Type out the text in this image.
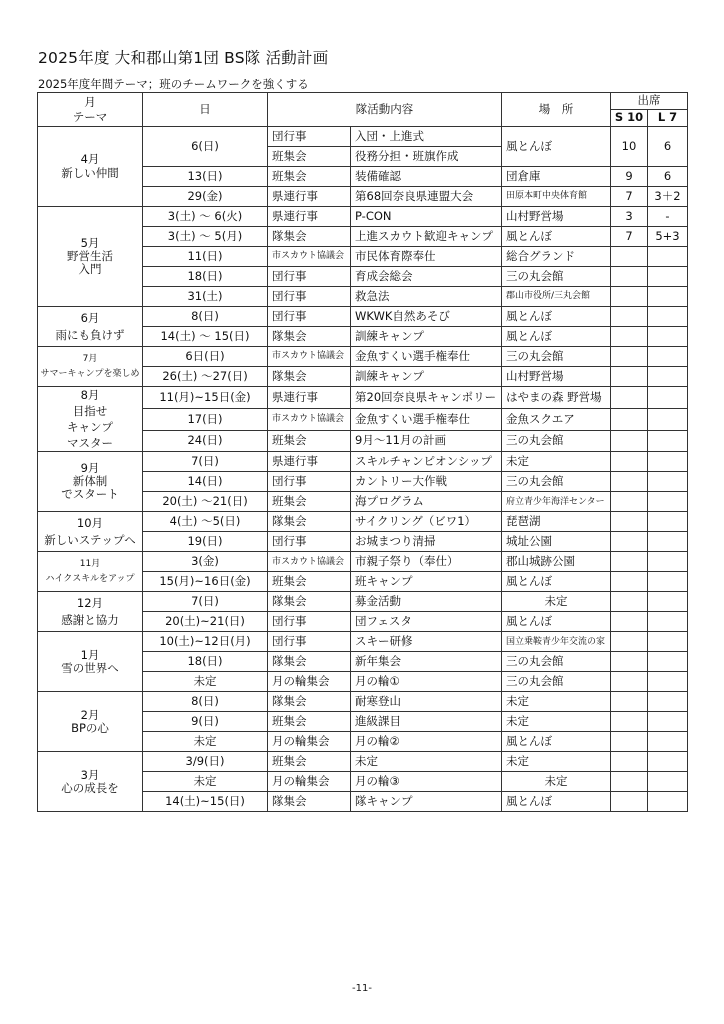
2025年度 大和郡山第1団 BS隊 活動計画
2025年度年間テーマ；班のチームワークを強くする
月
テーマ	日	隊活動内容		場　所	出席	
					S 10	L 7

4月
新しい仲間	6(日)	団行事	入団・上進式	風とんぼ	10	6
		班集会	役務分担・班旗作成			
	13(日)	班集会	装備確認	団倉庫	9	6
	29(金)	県連行事	第68回奈良県連盟大会	田原本町中央体育館	7	3＋2

5月
野営生活
入門	3(土) ～ 6(火)	県連行事	P-CON	山村野営場	3	-
	3(土) ～ 5(月)	隊集会	上進スカウト歓迎キャンプ	風とんぼ	7	5+3
	11(日)	市スカウト協議会	市民体育際奉仕	総合グランド		
	18(日)	団行事	育成会総会	三の丸会館		
	31(土)	団行事	救急法	郡山市役所/三丸会館		

6月
雨にも負けず	8(日)	団行事	WKWK自然あそび	風とんぼ		
	14(土) ～ 15(日)	隊集会	訓練キャンプ	風とんぼ		

7月
サマーキャンプを楽しめ	6日(日)	市スカウト協議会	金魚すくい選手権奉仕	三の丸会館		
	26(土) ～27(日)	隊集会	訓練キャンプ	山村野営場		

8月
目指せ
キャンプ
マスター	11(月)~15日(金)	県連行事	第20回奈良県キャンポリー	はやまの森 野営場		
	17(日)	市スカウト協議会	金魚すくい選手権奉仕	金魚スクエア		
	24(日)	班集会	9月～11月の計画	三の丸会館		

9月
新体制
でスタート	7(日)	県連行事	スキルチャンピオンシップ	未定		
	14(日)	団行事	カントリー大作戦	三の丸会館		
	20(土) ～21(日)	班集会	海プログラム	府立青少年海洋センター		

10月
新しいステップへ	4(土) ～5(日)	隊集会	サイクリング（ビワ1）	琵琶湖		
	19(日)	団行事	お城まつり清掃	城址公園		

11月
ハイクスキルをアップ	3(金)	市スカウト協議会	市親子祭り（奉仕）	郡山城跡公園		
	15(月)~16日(金)	班集会	班キャンプ	風とんぼ		

12月
感謝と協力	7(日)	隊集会	募金活動	未定		
	20(土)~21(日)	団行事	団フェスタ	風とんぼ		

1月
雪の世界へ	10(土)~12日(月)	団行事	スキー研修	国立乗鞍青少年交流の家		
	18(日)	隊集会	新年集会	三の丸会館		
	未定	月の輪集会	月の輪①	三の丸会館		

2月
BPの心	8(日)	隊集会	耐寒登山	未定		
	9(日)	班集会	進級課目	未定		
	未定	月の輪集会	月の輪②	風とんぼ		

3月
心の成長を	3/9(日)	班集会	未定	未定		
	未定	月の輪集会	月の輪③	未定		
	14(土)~15(日)	隊集会	隊キャンプ	風とんぼ		
-11-
